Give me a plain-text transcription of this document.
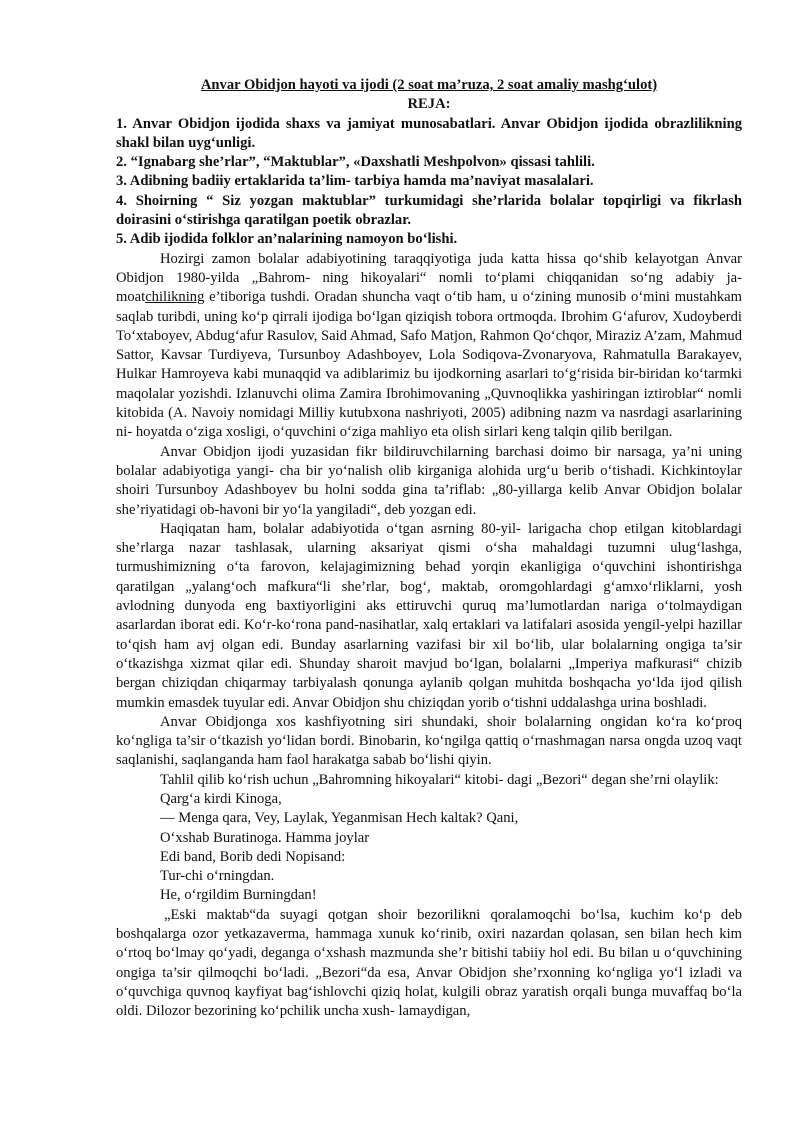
Anvar Obidjon hayoti va ijodi (2 soat ma’ruza, 2 soat amaliy mashg‘ulot)

REJA:

1. Anvar Obidjon ijodida shaxs va jamiyat munosabatlari. Anvar Obidjon ijodida obrazlilikning shakl bilan uyg‘unligi.

2. “Ignabarg she’rlar”, “Maktublar”, «Daxshatli Meshpolvon» qissasi tahlili.

3. Adibning badiiy ertaklarida ta’lim- tarbiya hamda ma’naviyat masalalari.

4. Shoirning “ Siz yozgan maktublar” turkumidagi she’rlarida bolalar topqirligi va fikrlash doirasini o‘stirishga qaratilgan poetik obrazlar.

5. Adib ijodida folklor an’nalarining namoyon bo‘lishi.

Hozirgi zamon bolalar adabiyotining taraqqiyotiga juda katta hissa qo‘shib kelayotgan Anvar Obidjon 1980-yilda „Bahrom- ning hikoyalari“ nomli to‘plami chiqqanidan so‘ng adabiy ja- moatchilikning e’tiboriga tushdi. Oradan shuncha vaqt o‘tib ham, u o‘zining munosib o‘mini mustahkam saqlab turibdi, uning ko‘p qirrali ijodiga bo‘lgan qiziqish tobora ortmoqda. Ibrohim G‘afurov, Xudoyberdi To‘xtaboyev, Abdug‘afur Rasulov, Said Ahmad, Safo Matjon, Rahmon Qo‘chqor, Miraziz A’zam, Mahmud Sattor, Kavsar Turdiyeva, Tursunboy Adashboyev, Lola Sodiqova-Zvonaryova, Rahmatulla Barakayev, Hulkar Hamroyeva kabi munaqqid va adiblarimiz bu ijodkorning asarlari to‘g‘risida bir-biridan ko‘tarmki maqolalar yozishdi. Izlanuvchi olima Zamira Ibrohimovaning „Quvnoqlikka yashiringan iztiroblar“ nomli kitobida (A. Navoiy nomidagi Milliy kutubxona nashriyoti, 2005) adibning nazm va nasrdagi asarlarining ni- hoyatda o‘ziga xosligi, o‘quvchini o‘ziga mahliyo eta olish sirlari keng talqin qilib berilgan.

Anvar Obidjon ijodi yuzasidan fikr bildiruvchilarning barchasi doimo bir narsaga, ya’ni uning bolalar adabiyotiga yangi- cha bir yo‘nalish olib kirganiga alohida urg‘u berib o‘tishadi. Kichkintoylar shoiri Tursunboy Adashboyev bu holni sodda gina ta’riflab: „80-yillarga kelib Anvar Obidjon bolalar she’riyatidagi ob-havoni bir yo‘la yangiladi“, deb yozgan edi.

Haqiqatan ham, bolalar adabiyotida o‘tgan asrning 80-yil- larigacha chop etilgan kitoblardagi she’rlarga nazar tashlasak, ularning aksariyat qismi o‘sha mahaldagi tuzumni ulug‘lashga, turmushimizning o‘ta farovon, kelajagimizning behad yorqin ekanligiga o‘quvchini ishontirishga qaratilgan „yalang‘och mafkura“li she’rlar, bog‘, maktab, oromgohlardagi g‘amxo‘rliklarni, yosh avlodning dunyoda eng baxtiyorligini aks ettiruvchi quruq ma’lumotlardan nariga o‘tolmaydigan asarlardan iborat edi. Ko‘r-ko‘rona pand-nasihatlar, xalq ertaklari va latifalari asosida yengil-yelpi hazillar to‘qish ham avj olgan edi. Bunday asarlarning vazifasi bir xil bo‘lib, ular bolalarning ongiga ta’sir o‘tkazishga xizmat qilar edi. Shunday sharoit mavjud bo‘lgan, bolalarni „Imperiya mafkurasi“ chizib bergan chiziqdan chiqarmay tarbiyalash qonunga aylanib qolgan muhitda boshqacha yo‘lda ijod qilish mumkin emasdek tuyular edi. Anvar Obidjon shu chiziqdan yorib o‘tishni uddalashga urina boshladi.

Anvar Obidjonga xos kashfiyotning siri shundaki, shoir bolalarning ongidan ko‘ra ko‘proq ko‘ngliga ta’sir o‘tkazish yo‘lidan bordi. Binobarin, ko‘ngilga qattiq o‘rnashmagan narsa ongda uzoq vaqt saqlanishi, saqlanganda ham faol harakatga sabab bo‘lishi qiyin.

Tahlil qilib ko‘rish uchun „Bahromning hikoyalari“ kitobi- dagi „Bezori“ degan she’rni olaylik:

Qarg‘a kirdi Kinoga,
— Menga qara, Vey, Laylak, Yeganmisan Hech kaltak? Qani,
O‘xshab Buratinoga. Hamma joylar
Edi band, Borib dedi Nopisand:
Tur-chi o‘rningdan.
He, o‘rgildim Burningdan!

„Eski maktab“da suyagi qotgan shoir bezorilikni qoralamoqchi bo‘lsa, kuchim ko‘p deb boshqalarga ozor yetkazaverma, hammaga xunuk ko‘rinib, oxiri nazardan qolasan, sen bilan hech kim o‘rtoq bo‘lmay qo‘yadi, deganga o‘xshash mazmunda she’r bitishi tabiiy hol edi. Bu bilan u o‘quvchining ongiga ta’sir qilmoqchi bo‘ladi. „Bezori“da esa, Anvar Obidjon she’rxonning ko‘ngliga yo‘l izladi va o‘quvchiga quvnoq kayfiyat bag‘ishlovchi qiziq holat, kulgili obraz yaratish orqali bunga muvaffaq bo‘la oldi. Dilozor bezorining ko‘pchilik uncha xush- lamaydigan,
